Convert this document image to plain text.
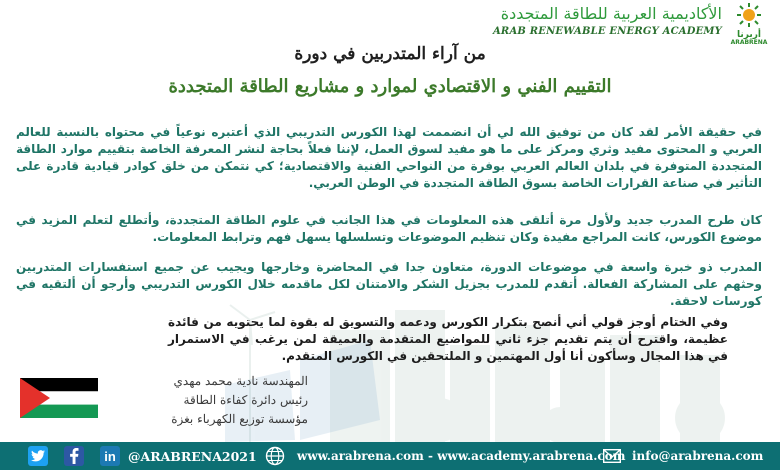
أريرنا
ARABRENA
الأكاديمية العربية للطاقة المتجددة
ARAB RENEWABLE ENERGY ACADEMY
من آراء المتدربين في دورة
التقييم الفني و الاقتصادي لموارد و مشاريع الطاقة المتجددة

في حقيقة الأمر لقد كان من توفيق الله لي أن انضممت لهذا الكورس التدريبي الذي أعتبره نوعياً في محتواه بالنسبة للعالم العربي و المحتوى مفيد وثري ومركز على ما هو مفيد لسوق العمل، لإننا فعلاً بحاجة لنشر المعرفة الخاصة بتقييم موارد الطاقة المتجددة المتوفرة في بلدان العالم العربي بوفرة من النواحي الفنية والاقتصادية؛ كي نتمكن من خلق كوادر قيادية قادرة على التأثير في صناعة القرارات الخاصة بسوق الطاقة المتجددة في الوطن العربي.

كان طرح المدرب جديد ولأول مرة أتلقى هذه المعلومات في هذا الجانب في علوم الطاقة المتجددة، وأتطلع لتعلم المزيد في موضوع الكورس، كانت المراجع مفيدة وكان تنظيم الموضوعات وتسلسلها يسهل فهم وترابط المعلومات.

المدرب ذو خبرة واسعة في موضوعات الدورة، متعاون جدا في المحاضرة وخارجها ويجيب عن جميع استفسارات المتدربين وحثهم على المشاركة الفعالة. أتقدم للمدرب بجزيل الشكر والامتنان لكل ماقدمه خلال الكورس التدريبي وأرجو أن ألتقيه في كورسات لاحقة.

وفي الختام أوجز قولي أني أنصح بتكرار الكورس ودعمه والتسويق له بقوة لما يحتويه من فائدة عظيمة، واقترح أن يتم تقديم جزء ثاني للمواضيع المتقدمة والعميقة لمن يرغب في الاستمرار في هذا المجال وسأكون أنا أول المهتمين و الملتحقين في الكورس المتقدم.

المهندسة نادية محمد مهدي
رئيس دائرة كفاءة الطاقة
مؤسسة توزيع الكهرباء بغزة
in @ARABRENA2021	www.arabrena.com - www.academy.arabrena.com info@arabrena.com
